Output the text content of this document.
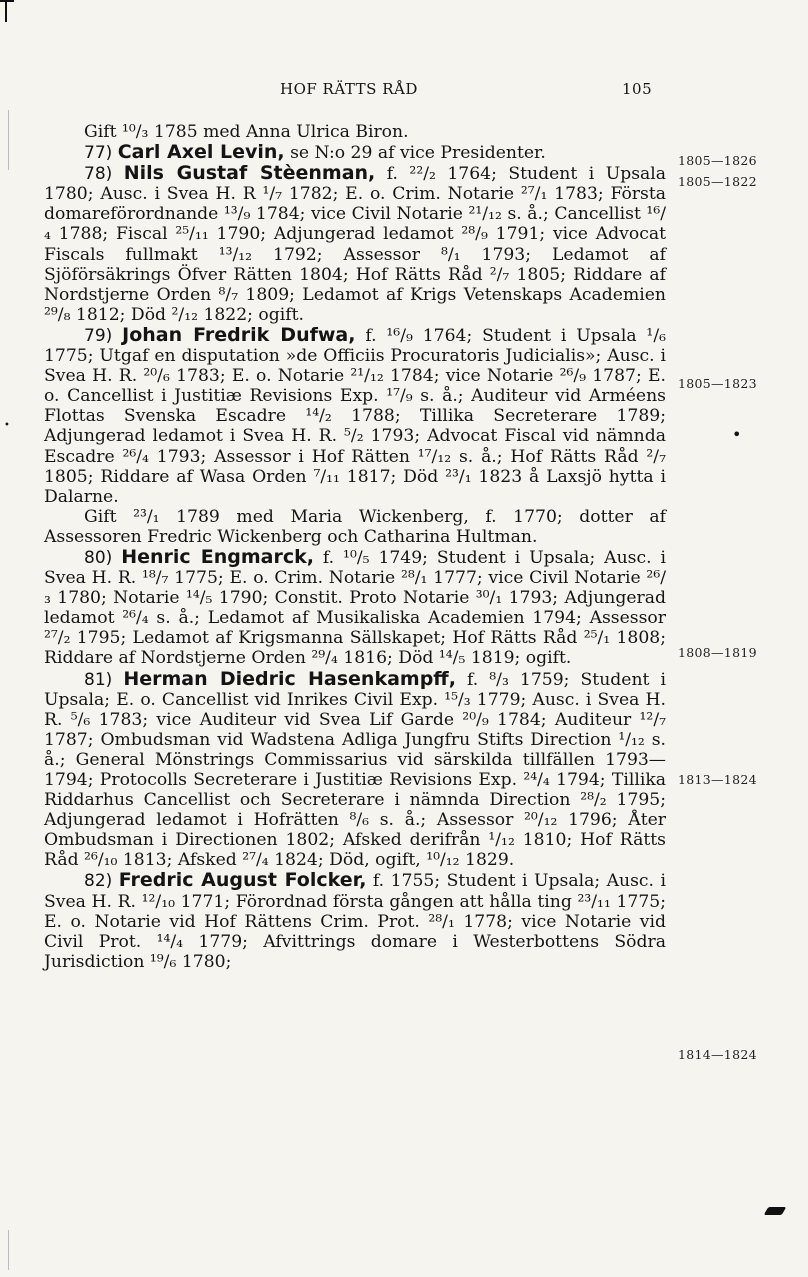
HOF RÄTTS RÅD	105

Gift ¹⁰/₃ 1785 med Anna Ulrica Biron.

77) Carl Axel Levin, se N:o 29 af vice Presidenter.

78) Nils Gustaf Stèenman, f. ²²/₂ 1764; Student i Upsala 1780; Ausc. i Svea H. R ¹/₇ 1782; E. o. Crim. Notarie ²⁷/₁ 1783; Första domareförordnande ¹³/₉ 1784; vice Civil Notarie ²¹/₁₂ s. å.; Cancellist ¹⁶/₄ 1788; Fiscal ²⁵/₁₁ 1790; Adjungerad ledamot ²⁸/₉ 1791; vice Advocat Fiscals fullmakt ¹³/₁₂ 1792; Assessor ⁸/₁ 1793; Ledamot af Sjöförsäkrings Öfver Rätten 1804; Hof Rätts Råd ²/₇ 1805; Riddare af Nordstjerne Orden ⁸/₇ 1809; Ledamot af Krigs Vetenskaps Academien ²⁹/₈ 1812; Död ²/₁₂ 1822; ogift.

79) Johan Fredrik Dufwa, f. ¹⁶/₉ 1764; Student i Upsala ¹/₆ 1775; Utgaf en disputation »de Officiis Procuratoris Judicialis»; Ausc. i Svea H. R. ²⁰/₆ 1783; E. o. Notarie ²¹/₁₂ 1784; vice Notarie ²⁶/₉ 1787; E. o. Cancellist i Justitiæ Revisions Exp. ¹⁷/₉ s. å.; Auditeur vid Arméens Flottas Svenska Escadre ¹⁴/₂ 1788; Tillika Secreterare 1789; Adjungerad ledamot i Svea H. R. ⁵/₂ 1793; Advocat Fiscal vid nämnda Escadre ²⁶/₄ 1793; Assessor i Hof Rätten ¹⁷/₁₂ s. å.; Hof Rätts Råd ²/₇ 1805; Riddare af Wasa Orden ⁷/₁₁ 1817; Död ²³/₁ 1823 å Laxsjö hytta i Dalarne.

Gift ²³/₁ 1789 med Maria Wickenberg, f. 1770; dotter af Assessoren Fredric Wickenberg och Catharina Hultman.

80) Henric Engmarck, f. ¹⁰/₅ 1749; Student i Upsala; Ausc. i Svea H. R. ¹⁸/₇ 1775; E. o. Crim. Notarie ²⁸/₁ 1777; vice Civil Notarie ²⁶/₃ 1780; Notarie ¹⁴/₅ 1790; Constit. Proto Notarie ³⁰/₁ 1793; Adjungerad ledamot ²⁶/₄ s. å.; Ledamot af Musikaliska Academien 1794; Assessor ²⁷/₂ 1795; Ledamot af Krigsmanna Sällskapet; Hof Rätts Råd ²⁵/₁ 1808; Riddare af Nordstjerne Orden ²⁹/₄ 1816; Död ¹⁴/₅ 1819; ogift.

81) Herman Diedric Hasenkampff, f. ⁸/₃ 1759; Student i Upsala; E. o. Cancellist vid Inrikes Civil Exp. ¹⁵/₃ 1779; Ausc. i Svea H. R. ⁵/₆ 1783; vice Auditeur vid Svea Lif Garde ²⁰/₉ 1784; Auditeur ¹²/₇ 1787; Ombudsman vid Wadstena Adliga Jungfru Stifts Direction ¹/₁₂ s. å.; General Mönstrings Commissarius vid särskilda tillfällen 1793—1794; Protocolls Secreterare i Justitiæ Revisions Exp. ²⁴/₄ 1794; Tillika Riddarhus Cancellist och Secreterare i nämnda Direction ²⁸/₂ 1795; Adjungerad ledamot i Hofrätten ⁸/₆ s. å.; Assessor ²⁰/₁₂ 1796; Åter Ombudsman i Directionen 1802; Afsked derifrån ¹/₁₂ 1810; Hof Rätts Råd ²⁶/₁₀ 1813; Afsked ²⁷/₄ 1824; Död, ogift, ¹⁰/₁₂ 1829.

82) Fredric August Folcker, f. 1755; Student i Upsala; Ausc. i Svea H. R. ¹²/₁₀ 1771; Förordnad första gången att hålla ting ²³/₁₁ 1775; E. o. Notarie vid Hof Rättens Crim. Prot. ²⁸/₁ 1778; vice Notarie vid Civil Prot. ¹⁴/₄ 1779; Afvittrings domare i Westerbottens Södra Jurisdiction ¹⁹/₆ 1780;

1805—1826
1805—1822
1805—1823
1808—1819
1813—1824
1814—1824
•
•
